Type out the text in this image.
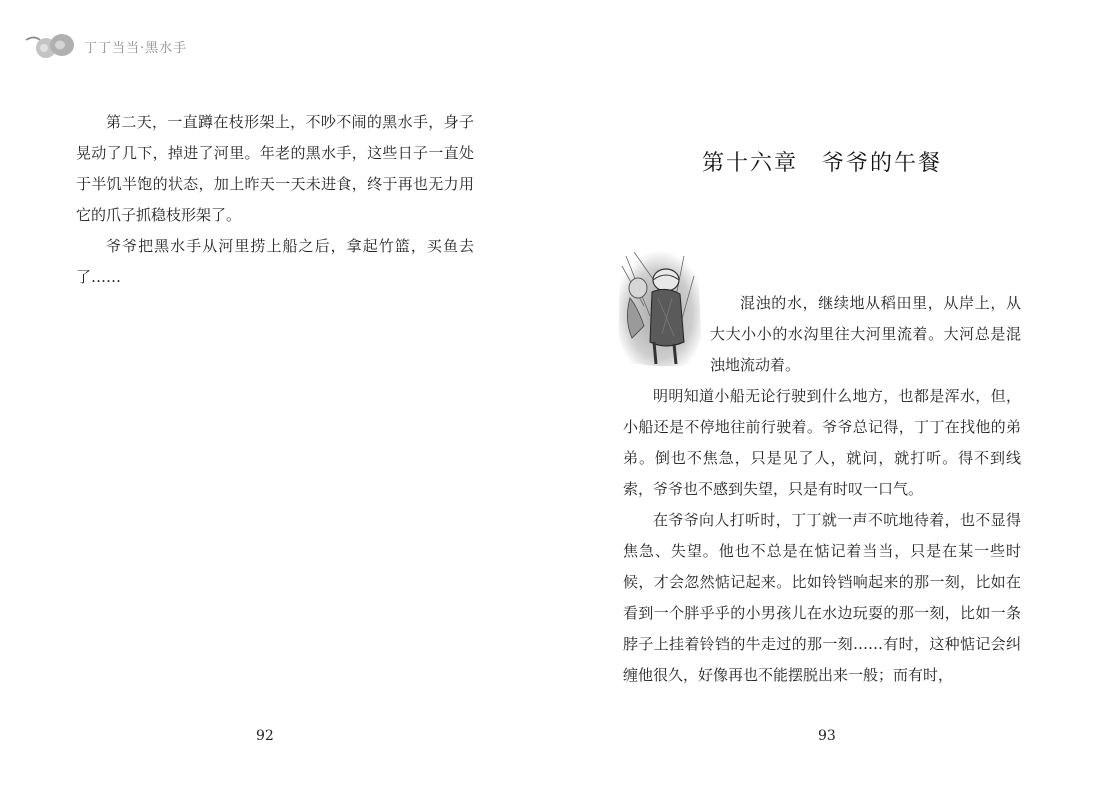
丁丁当当·黑水手

第二天，一直蹲在枝形架上，不吵不闹的黑水手，身子晃动了几下，掉进了河里。年老的黑水手，这些日子一直处于半饥半饱的状态，加上昨天一天未进食，终于再也无力用它的爪子抓稳枝形架了。

爷爷把黑水手从河里捞上船之后，拿起竹篮，买鱼去了……

92
第十六章　爷爷的午餐

混浊的水，继续地从稻田里，从岸上，从大大小小的水沟里往大河里流着。大河总是混浊地流动着。

明明知道小船无论行驶到什么地方，也都是浑水，但，小船还是不停地往前行驶着。爷爷总记得，丁丁在找他的弟弟。倒也不焦急，只是见了人，就问，就打听。得不到线索，爷爷也不感到失望，只是有时叹一口气。

在爷爷向人打听时，丁丁就一声不吭地待着，也不显得焦急、失望。他也不总是在惦记着当当，只是在某一些时候，才会忽然惦记起来。比如铃铛响起来的那一刻，比如在看到一个胖乎乎的小男孩儿在水边玩耍的那一刻，比如一条脖子上挂着铃铛的牛走过的那一刻……有时，这种惦记会纠缠他很久，好像再也不能摆脱出来一般；而有时，

93
